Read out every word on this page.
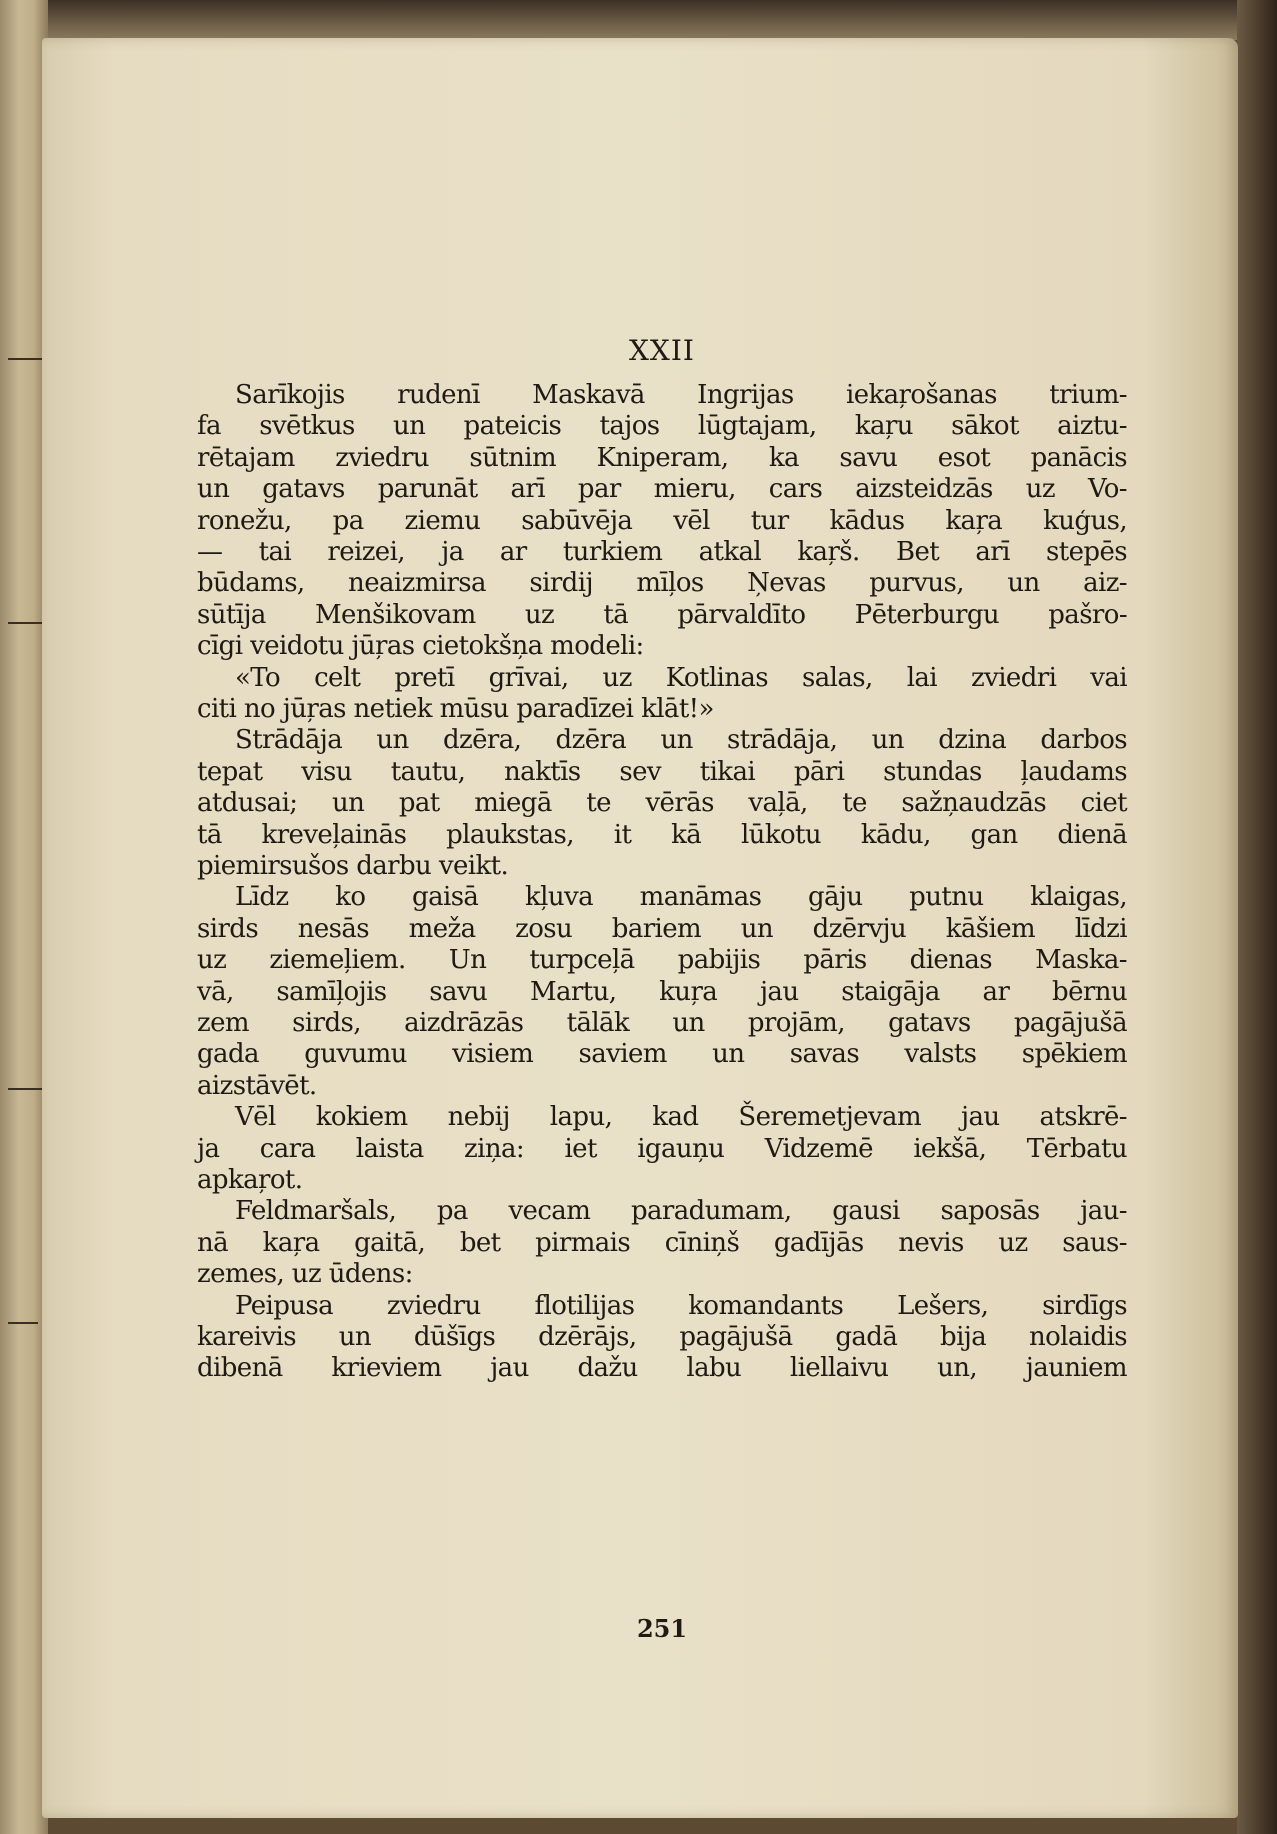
XXII
Sarīkojis rudenī Maskavā Ingrijas iekaŗošanas trium-
fa svētkus un pateicis tajos lūgtajam, kaŗu sākot aiztu-
rētajam zviedru sūtnim Kniperam, ka savu esot panācis
un gatavs parunāt arī par mieru, cars aizsteidzās uz Vo-
ronežu, pa ziemu sabūvēja vēl tur kādus kaŗa kuģus,
— tai reizei, ja ar turkiem atkal kaŗš. Bet arī stepēs
būdams, neaizmirsa sirdij mīļos Ņevas purvus, un aiz-
sūtīja Menšikovam uz tā pārvaldīto Pēterburgu pašro-
cīgi veidotu jūŗas cietokšņa modeli:
«To celt pretī grīvai, uz Kotlinas salas, lai zviedri vai
citi no jūŗas netiek mūsu paradīzei klāt!»
Strādāja un dzēra, dzēra un strādāja, un dzina darbos
tepat visu tautu, naktīs sev tikai pāri stundas ļaudams
atdusai; un pat miegā te vērās vaļā, te sažņaudzās ciet
tā kreveļainās plaukstas, it kā lūkotu kādu, gan dienā
piemirsušos darbu veikt.
Līdz ko gaisā kļuva manāmas gāju putnu klaigas,
sirds nesās meža zosu bariem un dzērvju kāšiem līdzi
uz ziemeļiem. Un turpceļā pabijis pāris dienas Maska-
vā, samīļojis savu Martu, kuŗa jau staigāja ar bērnu
zem sirds, aizdrāzās tālāk un projām, gatavs pagājušā
gada guvumu visiem saviem un savas valsts spēkiem
aizstāvēt.
Vēl kokiem nebij lapu, kad Šeremetjevam jau atskrē-
ja cara laista ziņa: iet igauņu Vidzemē iekšā, Tērbatu
apkaŗot.
Feldmaršals, pa vecam paradumam, gausi saposās jau-
nā kaŗa gaitā, bet pirmais cīniņš gadījās nevis uz saus-
zemes, uz ūdens:
Peipusa zviedru flotilijas komandants Lešers, sirdīgs
kareivis un dūšīgs dzērājs, pagājušā gadā bija nolaidis
dibenā krieviem jau dažu labu liellaivu un, jauniem
251
